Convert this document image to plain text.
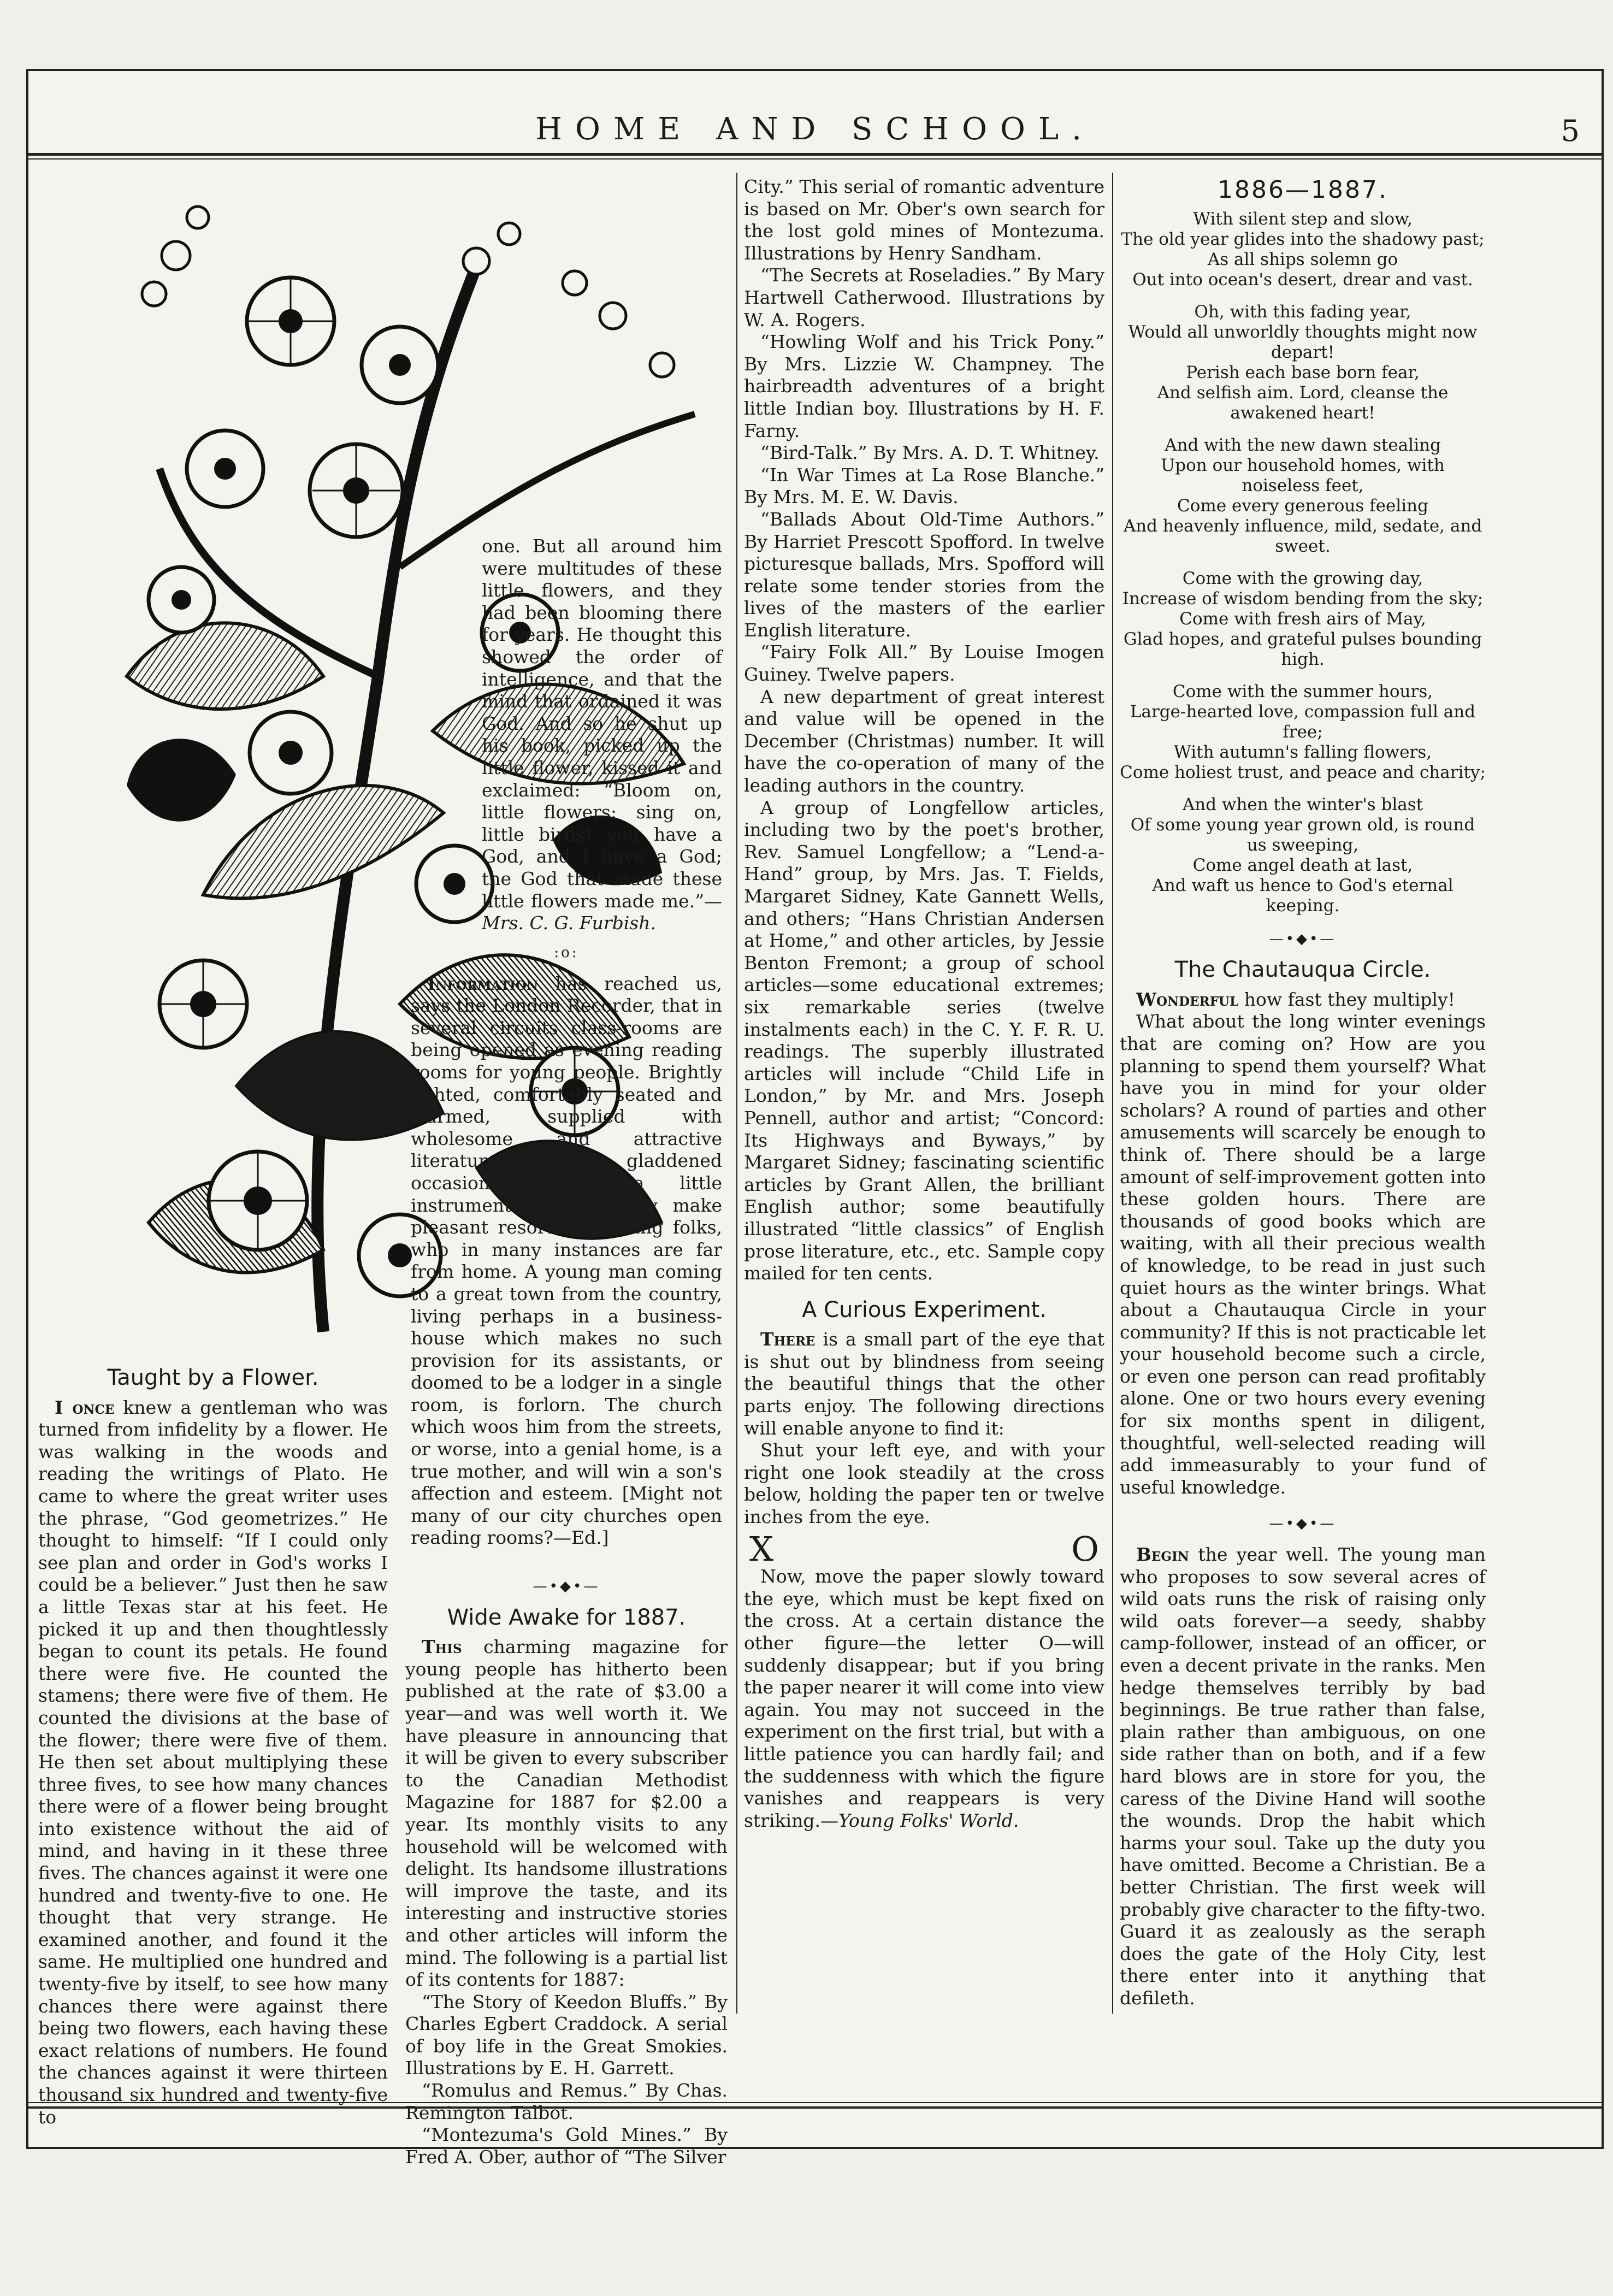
HOME AND SCHOOL.	5

one. But all around him were multitudes of these little flowers, and they had been blooming there for years. He thought this showed the order of intelligence, and that the mind that ordained it was God. And so he shut up his book, picked up the little flower, kissed it and exclaimed: “Bloom on, little flowers; sing on, little birds! you have a God, and I have a God; the God that made these little flowers made me.”—Mrs. C. G. Furbish.

:o:

Information has reached us, says the London Recorder, that in several circuits class-rooms are being opened as evening reading rooms for young people. Brightly lighted, comfortably seated and warmed, supplied with wholesome and attractive literature, gladdened occasionally with a little instrumental music, they make pleasant resorts for young folks, who in many instances are far from home. A young man coming to a great town from the country, living perhaps in a business-house which makes no such provision for its assistants, or doomed to be a lodger in a single room, is forlorn. The church which woos him from the streets, or worse, into a genial home, is a true mother, and will win a son's affection and esteem. [Might not many of our city churches open reading rooms?—Ed.]

Taught by a Flower.

I once knew a gentleman who was turned from infidelity by a flower. He was walking in the woods and reading the writings of Plato. He came to where the great writer uses the phrase, “God geometrizes.” He thought to himself: “If I could only see plan and order in God's works I could be a believer.” Just then he saw a little Texas star at his feet. He picked it up and then thoughtlessly began to count its petals. He found there were five. He counted the stamens; there were five of them. He counted the divisions at the base of the flower; there were five of them. He then set about multiplying these three fives, to see how many chances there were of a flower being brought into existence without the aid of mind, and having in it these three fives. The chances against it were one hundred and twenty-five to one. He thought that very strange. He examined another, and found it the same. He multiplied one hundred and twenty-five by itself, to see how many chances there were against there being two flowers, each having these exact relations of numbers. He found the chances against it were thirteen thousand six hundred and twenty-five to

—•◆•—
Wide Awake for 1887.

This charming magazine for young people has hitherto been published at the rate of $3.00 a year—and was well worth it. We have pleasure in announcing that it will be given to every subscriber to the Canadian Methodist Magazine for 1887 for $2.00 a year. Its monthly visits to any household will be welcomed with delight. Its handsome illustrations will improve the taste, and its interesting and instructive stories and other articles will inform the mind. The following is a partial list of its contents for 1887:

“The Story of Keedon Bluffs.” By Charles Egbert Craddock. A serial of boy life in the Great Smokies. Illustrations by E. H. Garrett.

“Romulus and Remus.” By Chas. Remington Talbot.

“Montezuma's Gold Mines.” By Fred A. Ober, author of “The Silver

City.” This serial of romantic adventure is based on Mr. Ober's own search for the lost gold mines of Montezuma. Illustrations by Henry Sandham.

“The Secrets at Roseladies.” By Mary Hartwell Catherwood. Illustrations by W. A. Rogers.

“Howling Wolf and his Trick Pony.” By Mrs. Lizzie W. Champney. The hairbreadth adventures of a bright little Indian boy. Illustrations by H. F. Farny.

“Bird-Talk.” By Mrs. A. D. T. Whitney.

“In War Times at La Rose Blanche.” By Mrs. M. E. W. Davis.

“Ballads About Old-Time Authors.” By Harriet Prescott Spofford. In twelve picturesque ballads, Mrs. Spofford will relate some tender stories from the lives of the masters of the earlier English literature.

“Fairy Folk All.” By Louise Imogen Guiney. Twelve papers.

A new department of great interest and value will be opened in the December (Christmas) number. It will have the co-operation of many of the leading authors in the country.

A group of Longfellow articles, including two by the poet's brother, Rev. Samuel Longfellow; a “Lend-a-Hand” group, by Mrs. Jas. T. Fields, Margaret Sidney, Kate Gannett Wells, and others; “Hans Christian Andersen at Home,” and other articles, by Jessie Benton Fremont; a group of school articles—some educational extremes; six remarkable series (twelve instalments each) in the C. Y. F. R. U. readings. The superbly illustrated articles will include “Child Life in London,” by Mr. and Mrs. Joseph Pennell, author and artist; “Concord: Its Highways and Byways,” by Margaret Sidney; fascinating scientific articles by Grant Allen, the brilliant English author; some beautifully illustrated “little classics” of English prose literature, etc., etc. Sample copy mailed for ten cents.

A Curious Experiment.

There is a small part of the eye that is shut out by blindness from seeing the beautiful things that the other parts enjoy. The following directions will enable anyone to find it:

Shut your left eye, and with your right one look steadily at the cross below, holding the paper ten or twelve inches from the eye.

X	O

Now, move the paper slowly toward the eye, which must be kept fixed on the cross. At a certain distance the other figure—the letter O—will suddenly disappear; but if you bring the paper nearer it will come into view again. You may not succeed in the experiment on the first trial, but with a little patience you can hardly fail; and the suddenness with which the figure vanishes and reappears is very striking.—Young Folks' World.

1886—1887.
With silent step and slow,
The old year glides into the shadowy past;
As all ships solemn go
Out into ocean's desert, drear and vast.
Oh, with this fading year,
Would all unworldly thoughts might now depart!
Perish each base born fear,
And selfish aim. Lord, cleanse the awakened heart!
And with the new dawn stealing
Upon our household homes, with noiseless feet,
Come every generous feeling
And heavenly influence, mild, sedate, and sweet.
Come with the growing day,
Increase of wisdom bending from the sky;
Come with fresh airs of May,
Glad hopes, and grateful pulses bounding high.
Come with the summer hours,
Large-hearted love, compassion full and free;
With autumn's falling flowers,
Come holiest trust, and peace and charity;
And when the winter's blast
Of some young year grown old, is round us sweeping,
Come angel death at last,
And waft us hence to God's eternal keeping.
—•◆•—
The Chautauqua Circle.

Wonderful how fast they multiply!

What about the long winter evenings that are coming on? How are you planning to spend them yourself? What have you in mind for your older scholars? A round of parties and other amusements will scarcely be enough to think of. There should be a large amount of self-improvement gotten into these golden hours. There are thousands of good books which are waiting, with all their precious wealth of knowledge, to be read in just such quiet hours as the winter brings. What about a Chautauqua Circle in your community? If this is not practicable let your household become such a circle, or even one person can read profitably alone. One or two hours every evening for six months spent in diligent, thoughtful, well-selected reading will add immeasurably to your fund of useful knowledge.

—•◆•—

Begin the year well. The young man who proposes to sow several acres of wild oats runs the risk of raising only wild oats forever—a seedy, shabby camp-follower, instead of an officer, or even a decent private in the ranks. Men hedge themselves terribly by bad beginnings. Be true rather than false, plain rather than ambiguous, on one side rather than on both, and if a few hard blows are in store for you, the caress of the Divine Hand will soothe the wounds. Drop the habit which harms your soul. Take up the duty you have omitted. Become a Christian. Be a better Christian. The first week will probably give character to the fifty-two. Guard it as zealously as the seraph does the gate of the Holy City, lest there enter into it anything that defileth.
